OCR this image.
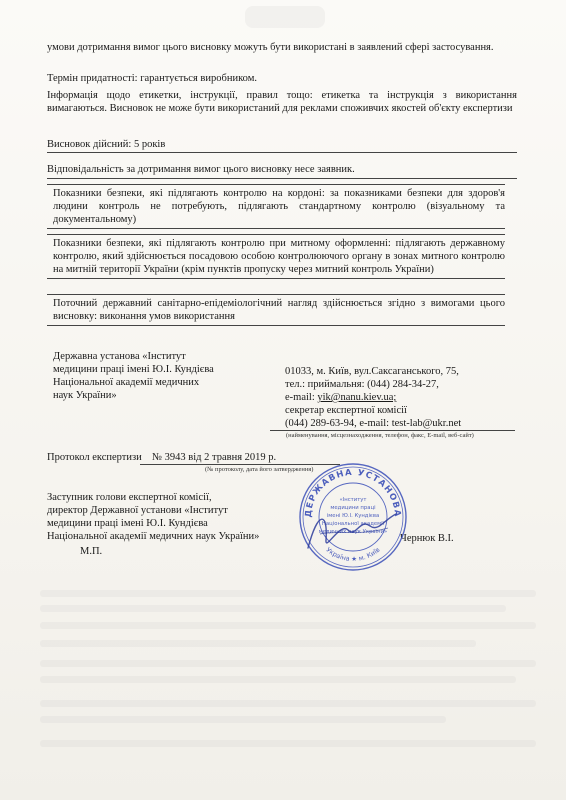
умови дотримання вимог цього висновку можуть бути використані в заявлений сфері застосування.
Термін придатності: гарантується виробником.
Інформація щодо етикетки, інструкції, правил тощо: етикетка та інструкція з використання вимагаються. Висновок не може бути використаний для реклами споживчих якостей об'єкту експертизи
Висновок дійсний: 5 років
Відповідальність за дотримання вимог цього висновку несе заявник.
Показники безпеки, які підлягають контролю на кордоні: за показниками безпеки для здоров'я людини контроль не потребують, підлягають стандартному контролю (візуальному та документальному)
Показники безпеки, які підлягають контролю при митному оформленні: підлягають державному контролю, який здійснюється посадовою особою контролюючого органу в зонах митного контролю на митній території України (крім пунктів пропуску через митний контроль України)
Поточний державний санітарно-епідеміологічний нагляд здійснюється згідно з вимогами цього висновку: виконання умов використання
Державна установа «Інститут
медицини праці імені Ю.І. Кундієва
Національної академії медичних
наук України»
01033, м. Київ, вул.Саксаганського, 75,
тел.: приймальня: (044) 284-34-27,
e-mail: yik@nanu.kiev.ua;
секретар експертної комісії
(044) 289-63-94, e-mail: test-lab@ukr.net
(найменування, місцезнаходження, телефон, факс, E-mail, веб-сайт)
Протокол експертизи № 3943 від 2 травня 2019 р.
(№ протоколу, дата його затвердження)
Заступник голови експертної комісії,
директор Державної установи «Інститут
медицини праці імені Ю.І. Кундієва
Національної академії медичних наук України»
М.П.
Чернюк В.І.
ДЕРЖАВНА УСТАНОВА
Україна ★ м. Київ
«Інститут
медицини праці
імені Ю.І. Кундієва
Національної академії
медичних наук України»
